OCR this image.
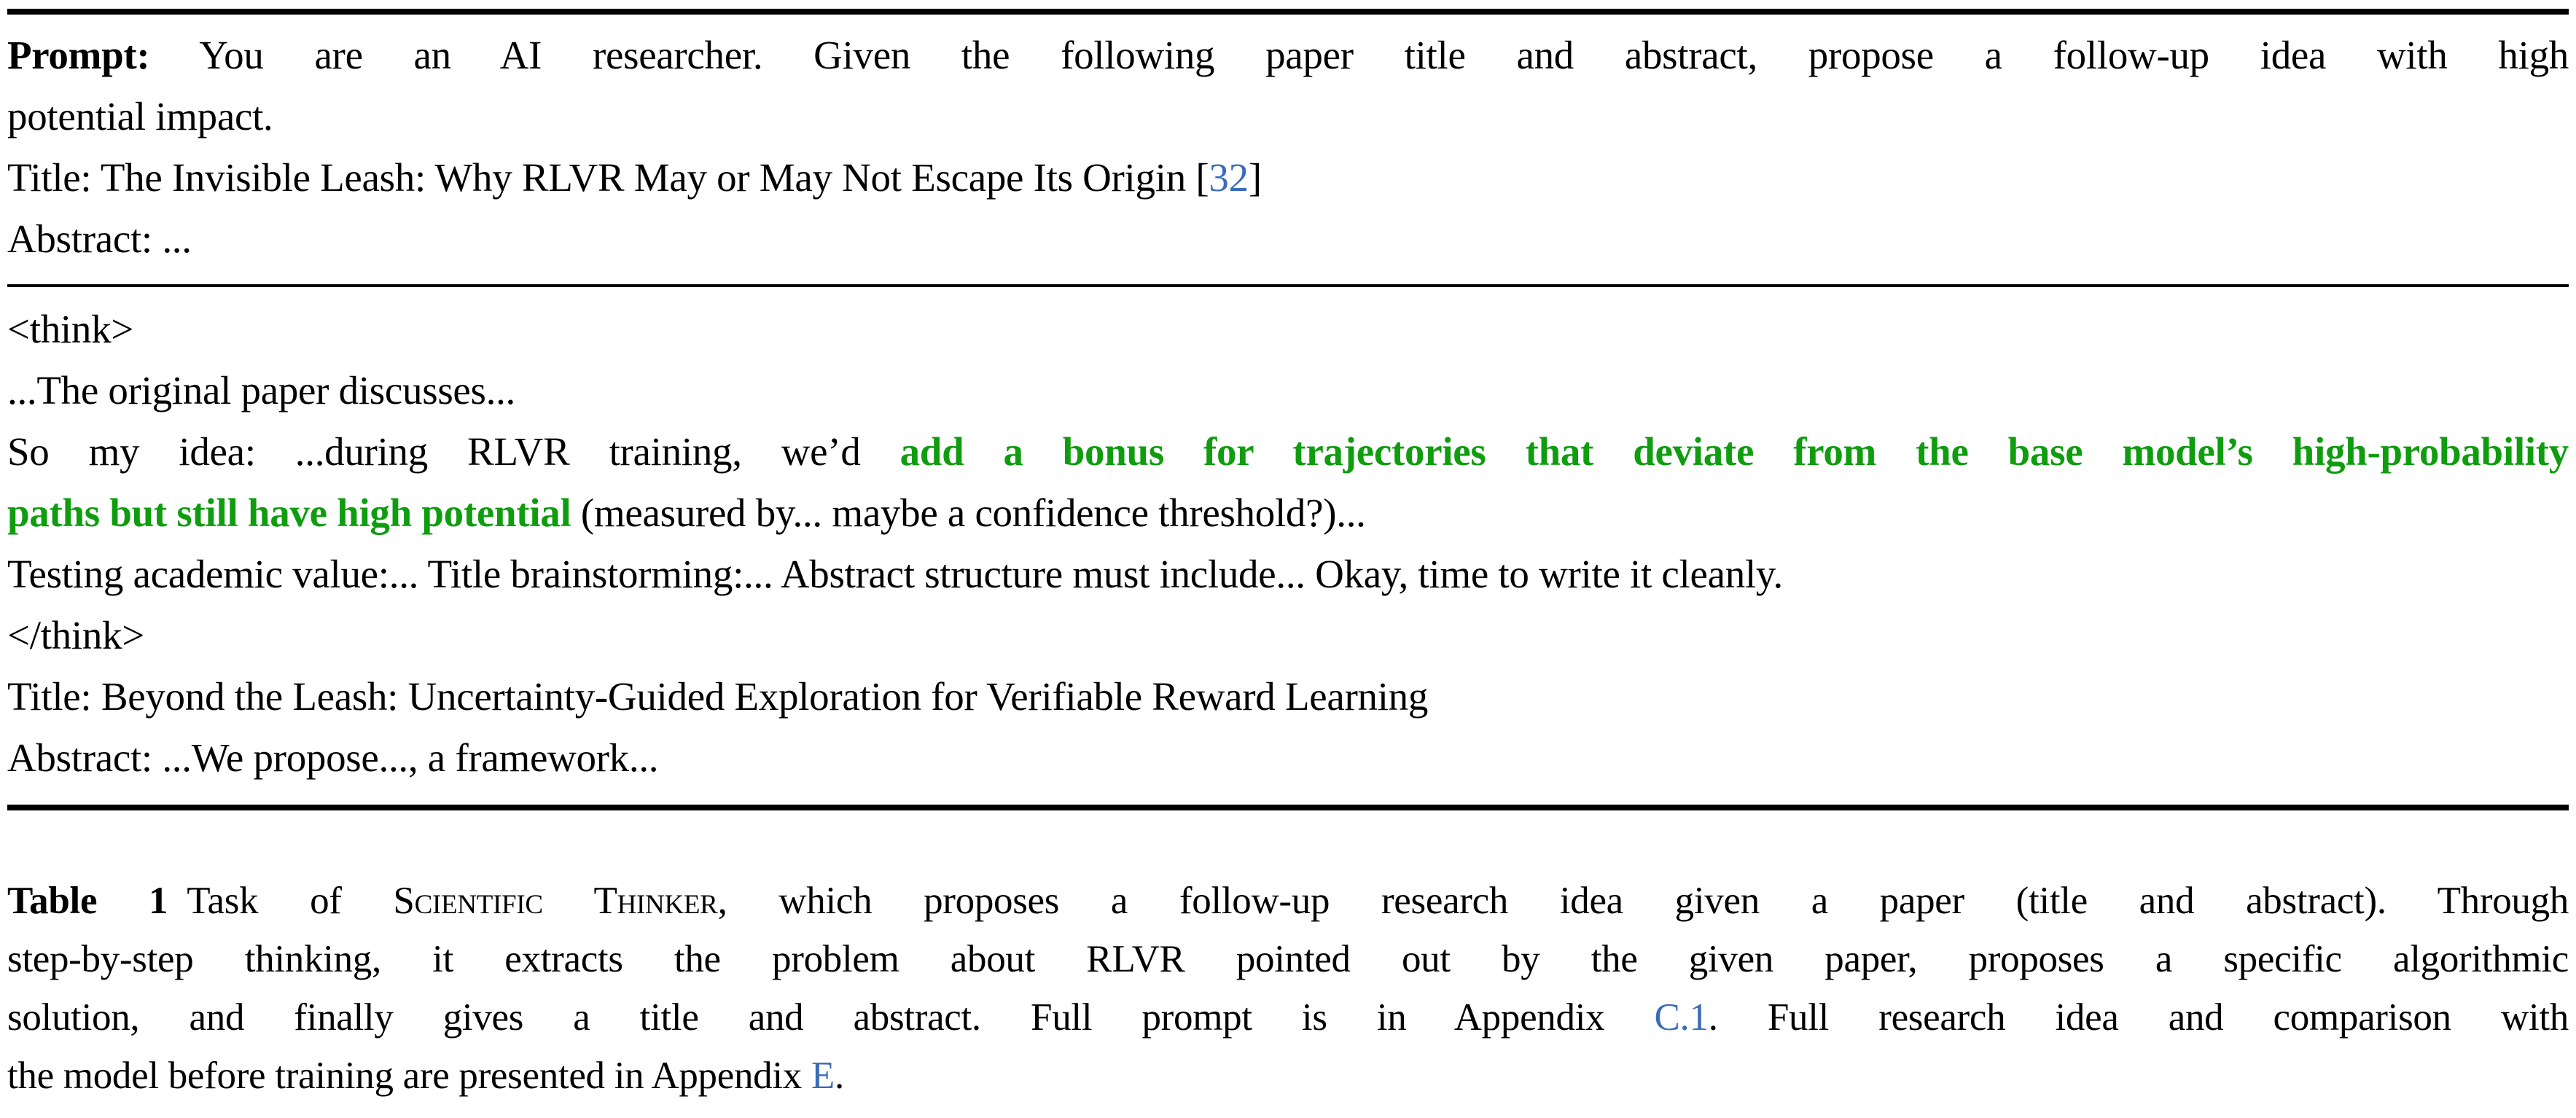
Prompt: You are an AI researcher. Given the following paper title and abstract, propose a follow-up idea with high
potential impact.
Title: The Invisible Leash: Why RLVR May or May Not Escape Its Origin [32]
Abstract: ...
<think>
...The original paper discusses...
So my idea: ...during RLVR training, we’d add a bonus for trajectories that deviate from the base model’s high-probability
paths but still have high potential (measured by... maybe a confidence threshold?)...
Testing academic value:... Title brainstorming:... Abstract structure must include... Okay, time to write it cleanly.
</think>
Title: Beyond the Leash: Uncertainty-Guided Exploration for Verifiable Reward Learning
Abstract: ...We propose..., a framework...
Table 1 Task of Scientific Thinker, which proposes a follow-up research idea given a paper (title and abstract). Through
step-by-step thinking, it extracts the problem about RLVR pointed out by the given paper, proposes a specific algorithmic
solution, and finally gives a title and abstract. Full prompt is in Appendix C.1. Full research idea and comparison with
the model before training are presented in Appendix E.
